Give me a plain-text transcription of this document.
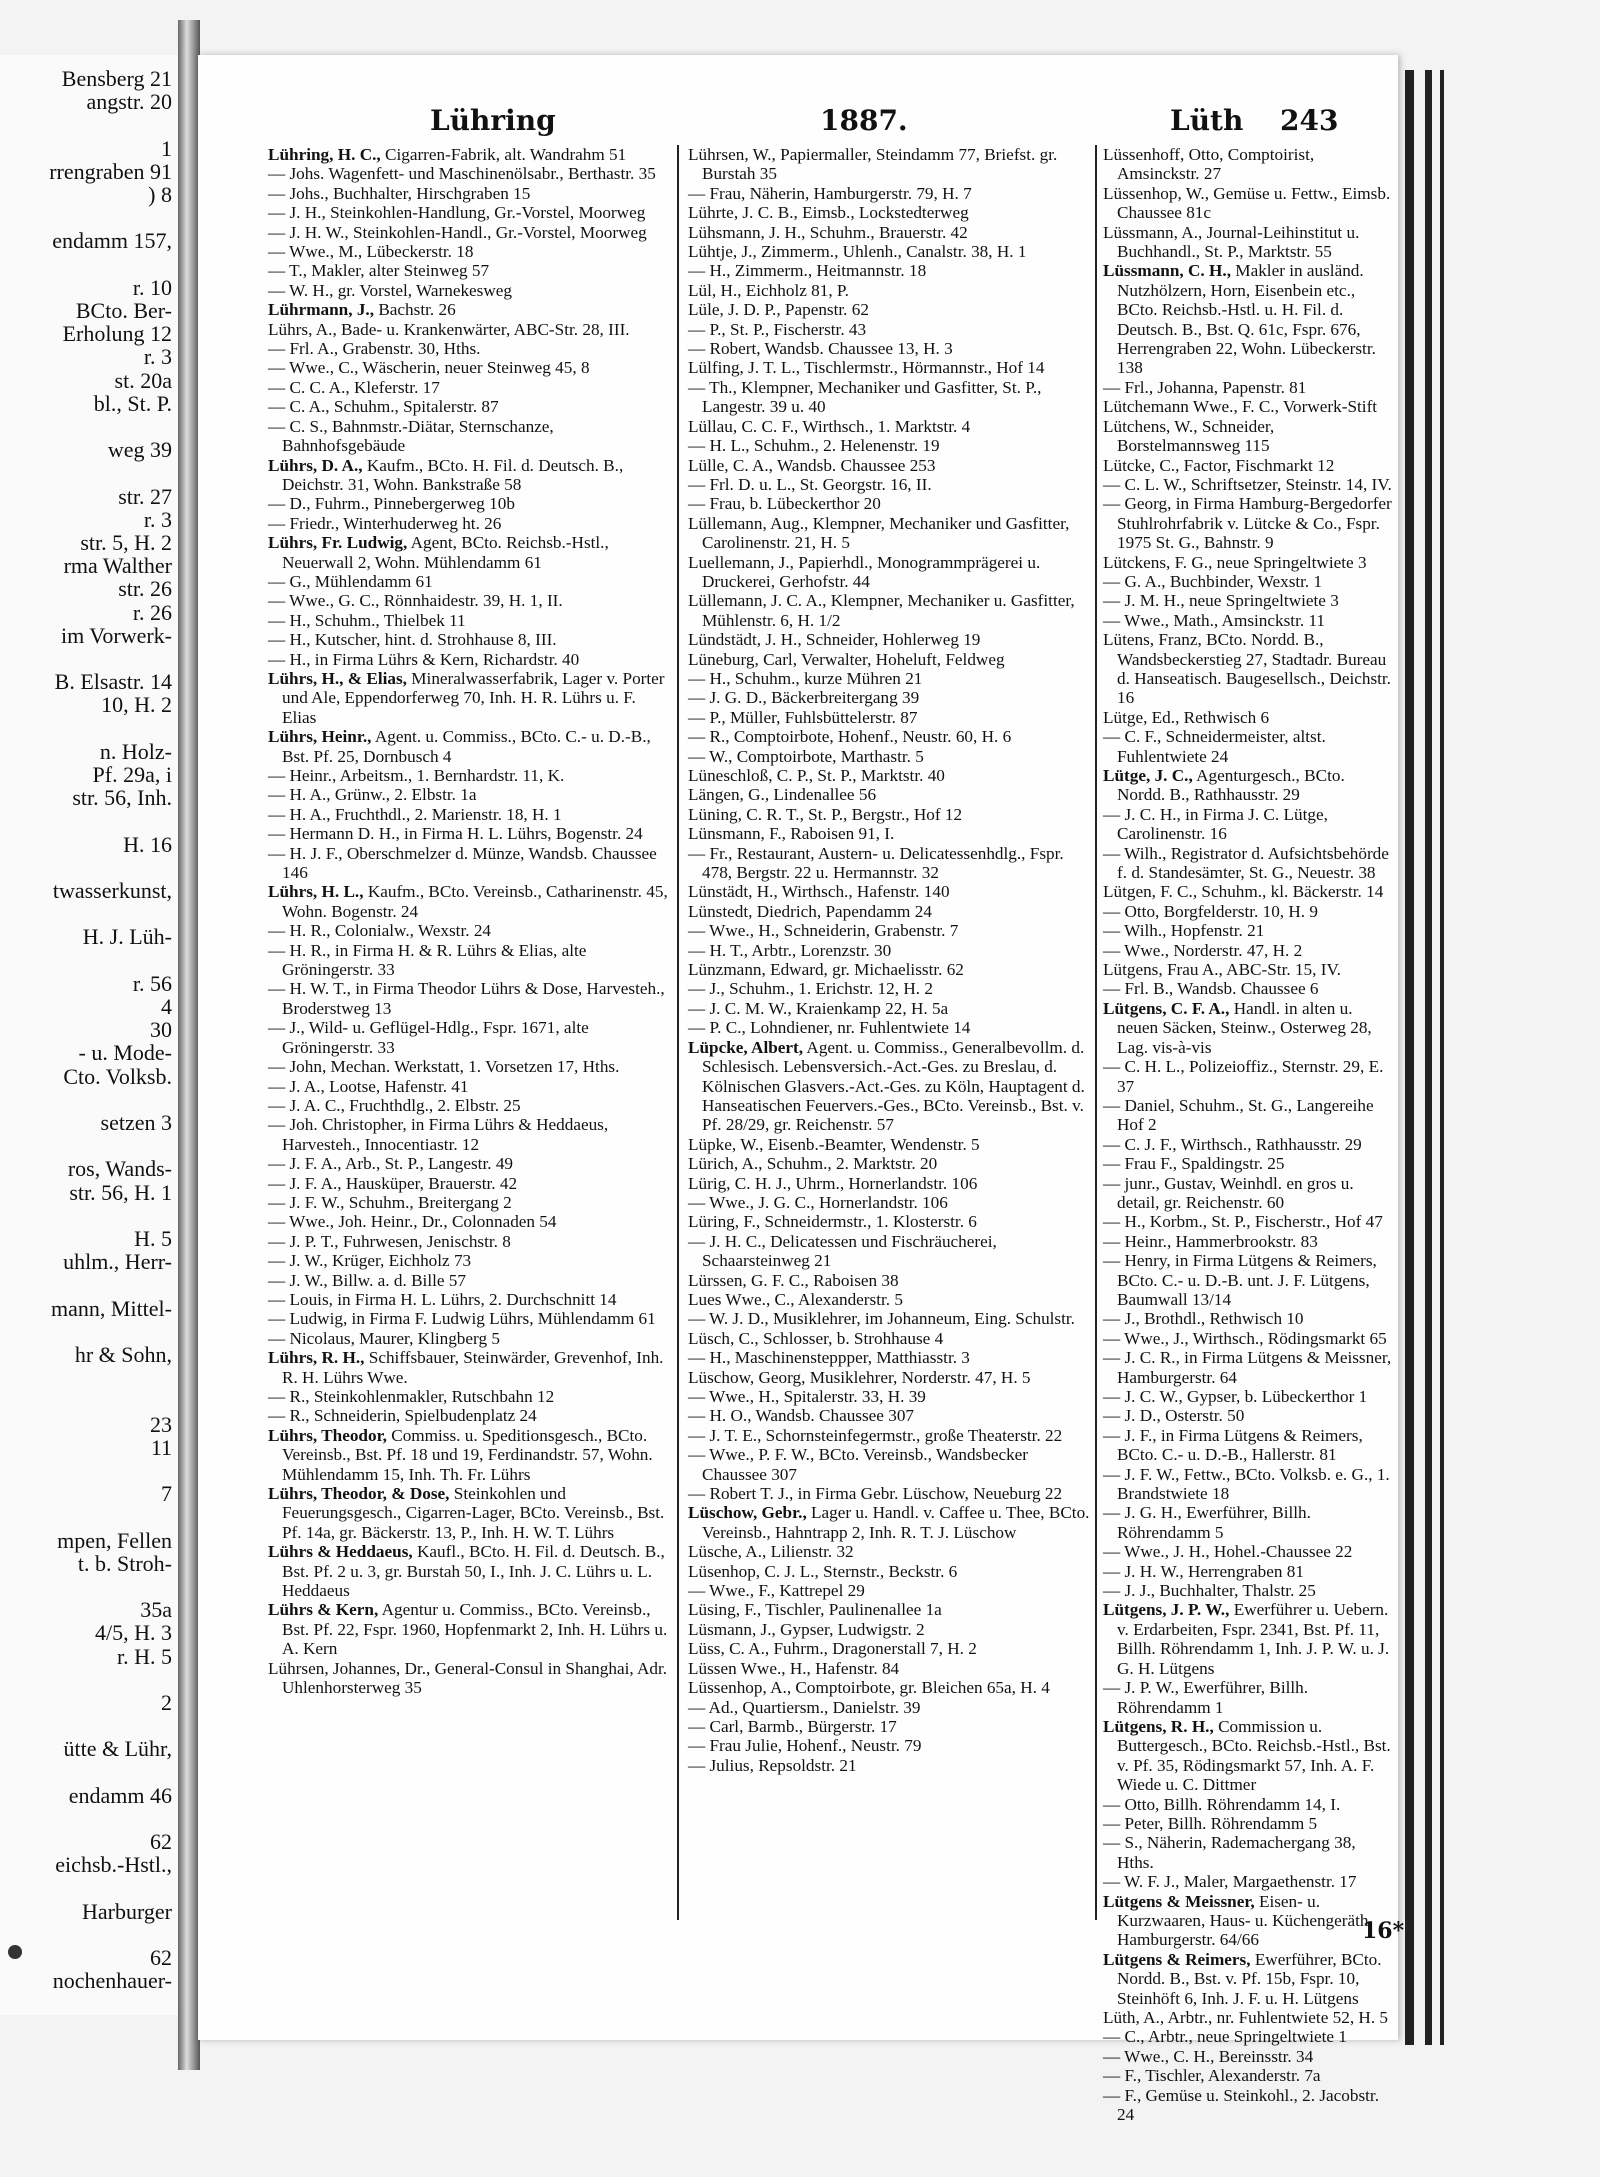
Bensberg 21
angstr. 20
1
rrengraben 91
) 8
endamm 157,
r. 10
BCto. Ber-
Erholung 12
r. 3
st. 20a
bl., St. P.
weg 39
str. 27
r. 3
str. 5, H. 2
rma Walther
str. 26
r. 26
im Vorwerk-
B. Elsastr. 14
10, H. 2
n. Holz-
Pf. 29a, i
str. 56, Inh.
H. 16
twasserkunst,
H. J. Lüh-
r. 56
4
30
- u. Mode-
Cto. Volksb.
setzen 3
ros, Wands-
str. 56, H. 1
H. 5
uhlm., Herr-
mann, Mittel-
hr & Sohn,
23
11
7
mpen, Fellen
t. b. Stroh-
35a
4/5, H. 3
r. H. 5
2
ütte & Lühr,
endamm 46
62
eichsb.-Hstl.,
Harburger
62
nochenhauer-
Lühring	1887.	Lüth 243

Lühring, H. C., Cigarren-Fabrik, alt. Wandrahm 51

— Johs. Wagenfett- und Maschinenölsabr., Berthastr. 35

— Johs., Buchhalter, Hirschgraben 15

— J. H., Steinkohlen-Handlung, Gr.-Vorstel, Moorweg

— J. H. W., Steinkohlen-Handl., Gr.-Vorstel, Moorweg

— Wwe., M., Lübeckerstr. 18

— T., Makler, alter Steinweg 57

— W. H., gr. Vorstel, Warnekesweg

Lührmann, J., Bachstr. 26

Lührs, A., Bade- u. Krankenwärter, ABC-Str. 28, III.

— Frl. A., Grabenstr. 30, Hths.

— Wwe., C., Wäscherin, neuer Steinweg 45, 8

— C. C. A., Kleferstr. 17

— C. A., Schuhm., Spitalerstr. 87

— C. S., Bahnmstr.-Diätar, Sternschanze, Bahnhofsgebäude

Lührs, D. A., Kaufm., BCto. H. Fil. d. Deutsch. B., Deichstr. 31, Wohn. Bankstraße 58

— D., Fuhrm., Pinnebergerweg 10b

— Friedr., Winterhuderweg ht. 26

Lührs, Fr. Ludwig, Agent, BCto. Reichsb.-Hstl., Neuerwall 2, Wohn. Mühlendamm 61

— G., Mühlendamm 61

— Wwe., G. C., Rönnhaidestr. 39, H. 1, II.

— H., Schuhm., Thielbek 11

— H., Kutscher, hint. d. Strohhause 8, III.

— H., in Firma Lührs & Kern, Richardstr. 40

Lührs, H., & Elias, Mineralwasserfabrik, Lager v. Porter und Ale, Eppendorferweg 70, Inh. H. R. Lührs u. F. Elias

Lührs, Heinr., Agent. u. Commiss., BCto. C.- u. D.-B., Bst. Pf. 25, Dornbusch 4

— Heinr., Arbeitsm., 1. Bernhardstr. 11, K.

— H. A., Grünw., 2. Elbstr. 1a

— H. A., Fruchthdl., 2. Marienstr. 18, H. 1

— Hermann D. H., in Firma H. L. Lührs, Bogenstr. 24

— H. J. F., Oberschmelzer d. Münze, Wandsb. Chaussee 146

Lührs, H. L., Kaufm., BCto. Vereinsb., Catharinenstr. 45, Wohn. Bogenstr. 24

— H. R., Colonialw., Wexstr. 24

— H. R., in Firma H. & R. Lührs & Elias, alte Gröningerstr. 33

— H. W. T., in Firma Theodor Lührs & Dose, Harvesteh., Broderstweg 13

— J., Wild- u. Geflügel-Hdlg., Fspr. 1671, alte Gröningerstr. 33

— John, Mechan. Werkstatt, 1. Vorsetzen 17, Hths.

— J. A., Lootse, Hafenstr. 41

— J. A. C., Fruchthdlg., 2. Elbstr. 25

— Joh. Christopher, in Firma Lührs & Heddaeus, Harvesteh., Innocentiastr. 12

— J. F. A., Arb., St. P., Langestr. 49

— J. F. A., Hausküper, Brauerstr. 42

— J. F. W., Schuhm., Breitergang 2

— Wwe., Joh. Heinr., Dr., Colonnaden 54

— J. P. T., Fuhrwesen, Jenischstr. 8

— J. W., Krüger, Eichholz 73

— J. W., Billw. a. d. Bille 57

— Louis, in Firma H. L. Lührs, 2. Durchschnitt 14

— Ludwig, in Firma F. Ludwig Lührs, Mühlendamm 61

— Nicolaus, Maurer, Klingberg 5

Lührs, R. H., Schiffsbauer, Steinwärder, Grevenhof, Inh. R. H. Lührs Wwe.

— R., Steinkohlenmakler, Rutschbahn 12

— R., Schneiderin, Spielbudenplatz 24

Lührs, Theodor, Commiss. u. Speditionsgesch., BCto. Vereinsb., Bst. Pf. 18 und 19, Ferdinandstr. 57, Wohn. Mühlendamm 15, Inh. Th. Fr. Lührs

Lührs, Theodor, & Dose, Steinkohlen und Feuerungsgesch., Cigarren-Lager, BCto. Vereinsb., Bst. Pf. 14a, gr. Bäckerstr. 13, P., Inh. H. W. T. Lührs

Lührs & Heddaeus, Kaufl., BCto. H. Fil. d. Deutsch. B., Bst. Pf. 2 u. 3, gr. Burstah 50, I., Inh. J. C. Lührs u. L. Heddaeus

Lührs & Kern, Agentur u. Commiss., BCto. Vereinsb., Bst. Pf. 22, Fspr. 1960, Hopfenmarkt 2, Inh. H. Lührs u. A. Kern

Lührsen, Johannes, Dr., General-Consul in Shanghai, Adr. Uhlenhorsterweg 35

Lührsen, W., Papiermaller, Steindamm 77, Briefst. gr. Burstah 35

— Frau, Näherin, Hamburgerstr. 79, H. 7

Lührte, J. C. B., Eimsb., Lockstedterweg

Lühsmann, J. H., Schuhm., Brauerstr. 42

Lühtje, J., Zimmerm., Uhlenh., Canalstr. 38, H. 1

— H., Zimmerm., Heitmannstr. 18

Lül, H., Eichholz 81, P.

Lüle, J. D. P., Papenstr. 62

— P., St. P., Fischerstr. 43

— Robert, Wandsb. Chaussee 13, H. 3

Lülfing, J. T. L., Tischlermstr., Hörmannstr., Hof 14

— Th., Klempner, Mechaniker und Gasfitter, St. P., Langestr. 39 u. 40

Lüllau, C. C. F., Wirthsch., 1. Marktstr. 4

— H. L., Schuhm., 2. Helenenstr. 19

Lülle, C. A., Wandsb. Chaussee 253

— Frl. D. u. L., St. Georgstr. 16, II.

— Frau, b. Lübeckerthor 20

Lüllemann, Aug., Klempner, Mechaniker und Gasfitter, Carolinenstr. 21, H. 5

Luellemann, J., Papierhdl., Monogrammprägerei u. Druckerei, Gerhofstr. 44

Lüllemann, J. C. A., Klempner, Mechaniker u. Gasfitter, Mühlenstr. 6, H. 1/2

Lündstädt, J. H., Schneider, Hohlerweg 19

Lüneburg, Carl, Verwalter, Hoheluft, Feldweg

— H., Schuhm., kurze Mühren 21

— J. G. D., Bäckerbreitergang 39

— P., Müller, Fuhlsbüttelerstr. 87

— R., Comptoirbote, Hohenf., Neustr. 60, H. 6

— W., Comptoirbote, Marthastr. 5

Lüneschloß, C. P., St. P., Marktstr. 40

Längen, G., Lindenallee 56

Lüning, C. R. T., St. P., Bergstr., Hof 12

Lünsmann, F., Raboisen 91, I.

— Fr., Restaurant, Austern- u. Delicatessenhdlg., Fspr. 478, Bergstr. 22 u. Hermannstr. 32

Lünstädt, H., Wirthsch., Hafenstr. 140

Lünstedt, Diedrich, Papendamm 24

— Wwe., H., Schneiderin, Grabenstr. 7

— H. T., Arbtr., Lorenzstr. 30

Lünzmann, Edward, gr. Michaelisstr. 62

— J., Schuhm., 1. Erichstr. 12, H. 2

— J. C. M. W., Kraienkamp 22, H. 5a

— P. C., Lohndiener, nr. Fuhlentwiete 14

Lüpcke, Albert, Agent. u. Commiss., Generalbevollm. d. Schlesisch. Lebensversich.-Act.-Ges. zu Breslau, d. Kölnischen Glasvers.-Act.-Ges. zu Köln, Hauptagent d. Hanseatischen Feuervers.-Ges., BCto. Vereinsb., Bst. v. Pf. 28/29, gr. Reichenstr. 57

Lüpke, W., Eisenb.-Beamter, Wendenstr. 5

Lürich, A., Schuhm., 2. Marktstr. 20

Lürig, C. H. J., Uhrm., Hornerlandstr. 106

— Wwe., J. G. C., Hornerlandstr. 106

Lüring, F., Schneidermstr., 1. Klosterstr. 6

— J. H. C., Delicatessen und Fischräucherei, Schaarsteinweg 21

Lürssen, G. F. C., Raboisen 38

Lues Wwe., C., Alexanderstr. 5

— W. J. D., Musiklehrer, im Johanneum, Eing. Schulstr.

Lüsch, C., Schlosser, b. Strohhause 4

— H., Maschinensteppper, Matthiasstr. 3

Lüschow, Georg, Musiklehrer, Norderstr. 47, H. 5

— Wwe., H., Spitalerstr. 33, H. 39

— H. O., Wandsb. Chaussee 307

— J. T. E., Schornsteinfegermstr., große Theaterstr. 22

— Wwe., P. F. W., BCto. Vereinsb., Wandsbecker Chaussee 307

— Robert T. J., in Firma Gebr. Lüschow, Neueburg 22

Lüschow, Gebr., Lager u. Handl. v. Caffee u. Thee, BCto. Vereinsb., Hahntrapp 2, Inh. R. T. J. Lüschow

Lüsche, A., Lilienstr. 32

Lüsenhop, C. J. L., Sternstr., Beckstr. 6

— Wwe., F., Kattrepel 29

Lüsing, F., Tischler, Paulinenallee 1a

Lüsmann, J., Gypser, Ludwigstr. 2

Lüss, C. A., Fuhrm., Dragonerstall 7, H. 2

Lüssen Wwe., H., Hafenstr. 84

Lüssenhop, A., Comptoirbote, gr. Bleichen 65a, H. 4

— Ad., Quartiersm., Danielstr. 39

— Carl, Barmb., Bürgerstr. 17

— Frau Julie, Hohenf., Neustr. 79

— Julius, Repsoldstr. 21

Lüssenhoff, Otto, Comptoirist, Amsinckstr. 27

Lüssenhop, W., Gemüse u. Fettw., Eimsb. Chaussee 81c

Lüssmann, A., Journal-Leihinstitut u. Buchhandl., St. P., Marktstr. 55

Lüssmann, C. H., Makler in ausländ. Nutzhölzern, Horn, Eisenbein etc., BCto. Reichsb.-Hstl. u. H. Fil. d. Deutsch. B., Bst. Q. 61c, Fspr. 676, Herrengraben 22, Wohn. Lübeckerstr. 138

— Frl., Johanna, Papenstr. 81

Lütchemann Wwe., F. C., Vorwerk-Stift

Lütchens, W., Schneider, Borstelmannsweg 115

Lütcke, C., Factor, Fischmarkt 12

— C. L. W., Schriftsetzer, Steinstr. 14, IV.

— Georg, in Firma Hamburg-Bergedorfer Stuhlrohrfabrik v. Lütcke & Co., Fspr. 1975 St. G., Bahnstr. 9

Lütckens, F. G., neue Springeltwiete 3

— G. A., Buchbinder, Wexstr. 1

— J. M. H., neue Springeltwiete 3

— Wwe., Math., Amsinckstr. 11

Lütens, Franz, BCto. Nordd. B., Wandsbeckerstieg 27, Stadtadr. Bureau d. Hanseatisch. Baugesellsch., Deichstr. 16

Lütge, Ed., Rethwisch 6

— C. F., Schneidermeister, altst. Fuhlentwiete 24

Lütge, J. C., Agenturgesch., BCto. Nordd. B., Rathhausstr. 29

— J. C. H., in Firma J. C. Lütge, Carolinenstr. 16

— Wilh., Registrator d. Aufsichtsbehörde f. d. Standesämter, St. G., Neuestr. 38

Lütgen, F. C., Schuhm., kl. Bäckerstr. 14

— Otto, Borgfelderstr. 10, H. 9

— Wilh., Hopfenstr. 21

— Wwe., Norderstr. 47, H. 2

Lütgens, Frau A., ABC-Str. 15, IV.

— Frl. B., Wandsb. Chaussee 6

Lütgens, C. F. A., Handl. in alten u. neuen Säcken, Steinw., Osterweg 28, Lag. vis-à-vis

— C. H. L., Polizeioffiz., Sternstr. 29, E. 37

— Daniel, Schuhm., St. G., Langereihe Hof 2

— C. J. F., Wirthsch., Rathhausstr. 29

— Frau F., Spaldingstr. 25

— junr., Gustav, Weinhdl. en gros u. detail, gr. Reichenstr. 60

— H., Korbm., St. P., Fischerstr., Hof 47

— Heinr., Hammerbrookstr. 83

— Henry, in Firma Lütgens & Reimers, BCto. C.- u. D.-B. unt. J. F. Lütgens, Baumwall 13/14

— J., Brothdl., Rethwisch 10

— Wwe., J., Wirthsch., Rödingsmarkt 65

— J. C. R., in Firma Lütgens & Meissner, Hamburgerstr. 64

— J. C. W., Gypser, b. Lübeckerthor 1

— J. D., Osterstr. 50

— J. F., in Firma Lütgens & Reimers, BCto. C.- u. D.-B., Hallerstr. 81

— J. F. W., Fettw., BCto. Volksb. e. G., 1. Brandstwiete 18

— J. G. H., Ewerführer, Billh. Röhrendamm 5

— Wwe., J. H., Hohel.-Chaussee 22

— J. H. W., Herrengraben 81

— J. J., Buchhalter, Thalstr. 25

Lütgens, J. P. W., Ewerführer u. Uebern. v. Erdarbeiten, Fspr. 2341, Bst. Pf. 11, Billh. Röhrendamm 1, Inh. J. P. W. u. J. G. H. Lütgens

— J. P. W., Ewerführer, Billh. Röhrendamm 1

Lütgens, R. H., Commission u. Buttergesch., BCto. Reichsb.-Hstl., Bst. v. Pf. 35, Rödingsmarkt 57, Inh. A. F. Wiede u. C. Dittmer

— Otto, Billh. Röhrendamm 14, I.

— Peter, Billh. Röhrendamm 5

— S., Näherin, Rademachergang 38, Hths.

— W. F. J., Maler, Margaethenstr. 17

Lütgens & Meissner, Eisen- u. Kurzwaaren, Haus- u. Küchengeräth, Hamburgerstr. 64/66

Lütgens & Reimers, Ewerführer, BCto. Nordd. B., Bst. v. Pf. 15b, Fspr. 10, Steinhöft 6, Inh. J. F. u. H. Lütgens

Lüth, A., Arbtr., nr. Fuhlentwiete 52, H. 5

— C., Arbtr., neue Springeltwiete 1

— Wwe., C. H., Bereinsstr. 34

— F., Tischler, Alexanderstr. 7a

— F., Gemüse u. Steinkohl., 2. Jacobstr. 24

16*
